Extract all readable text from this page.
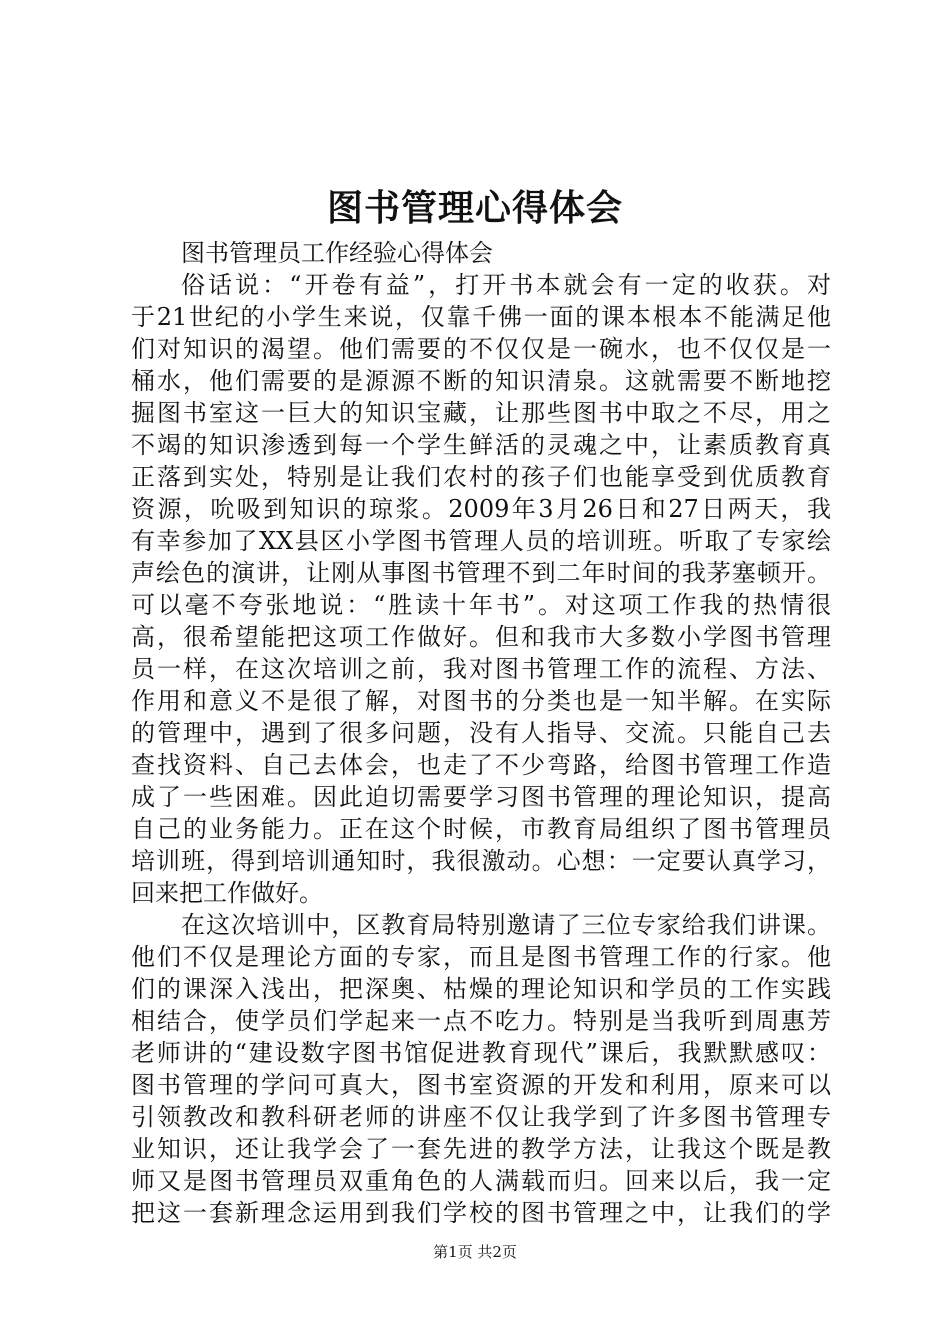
图书管理心得体会
图书管理员工作经验心得体会
俗话说：“开卷有益”，打开书本就会有一定的收获。对
于21世纪的小学生来说，仅靠千佛一面的课本根本不能满足他
们对知识的渴望。他们需要的不仅仅是一碗水，也不仅仅是一
桶水，他们需要的是源源不断的知识清泉。这就需要不断地挖
掘图书室这一巨大的知识宝藏，让那些图书中取之不尽，用之
不竭的知识渗透到每一个学生鲜活的灵魂之中，让素质教育真
正落到实处，特别是让我们农村的孩子们也能享受到优质教育
资源，吮吸到知识的琼浆。2009年3月26日和27日两天，我
有幸参加了XX县区小学图书管理人员的培训班。听取了专家绘
声绘色的演讲，让刚从事图书管理不到二年时间的我茅塞顿开。
可以毫不夸张地说：“胜读十年书”。对这项工作我的热情很
高，很希望能把这项工作做好。但和我市大多数小学图书管理
员一样，在这次培训之前，我对图书管理工作的流程、方法、
作用和意义不是很了解，对图书的分类也是一知半解。在实际
的管理中，遇到了很多问题，没有人指导、交流。只能自己去
查找资料、自己去体会，也走了不少弯路，给图书管理工作造
成了一些困难。因此迫切需要学习图书管理的理论知识，提高
自己的业务能力。正在这个时候，市教育局组织了图书管理员
培训班，得到培训通知时，我很激动。心想：一定要认真学习，
回来把工作做好。
在这次培训中，区教育局特别邀请了三位专家给我们讲课。
他们不仅是理论方面的专家，而且是图书管理工作的行家。他
们的课深入浅出，把深奥、枯燥的理论知识和学员的工作实践
相结合，使学员们学起来一点不吃力。特别是当我听到周惠芳
老师讲的“建设数字图书馆促进教育现代”课后，我默默感叹：
图书管理的学问可真大，图书室资源的开发和利用，原来可以
引领教改和教科研老师的讲座不仅让我学到了许多图书管理专
业知识，还让我学会了一套先进的教学方法，让我这个既是教
师又是图书管理员双重角色的人满载而归。回来以后，我一定
把这一套新理念运用到我们学校的图书管理之中，让我们的学
第1页 共2页
